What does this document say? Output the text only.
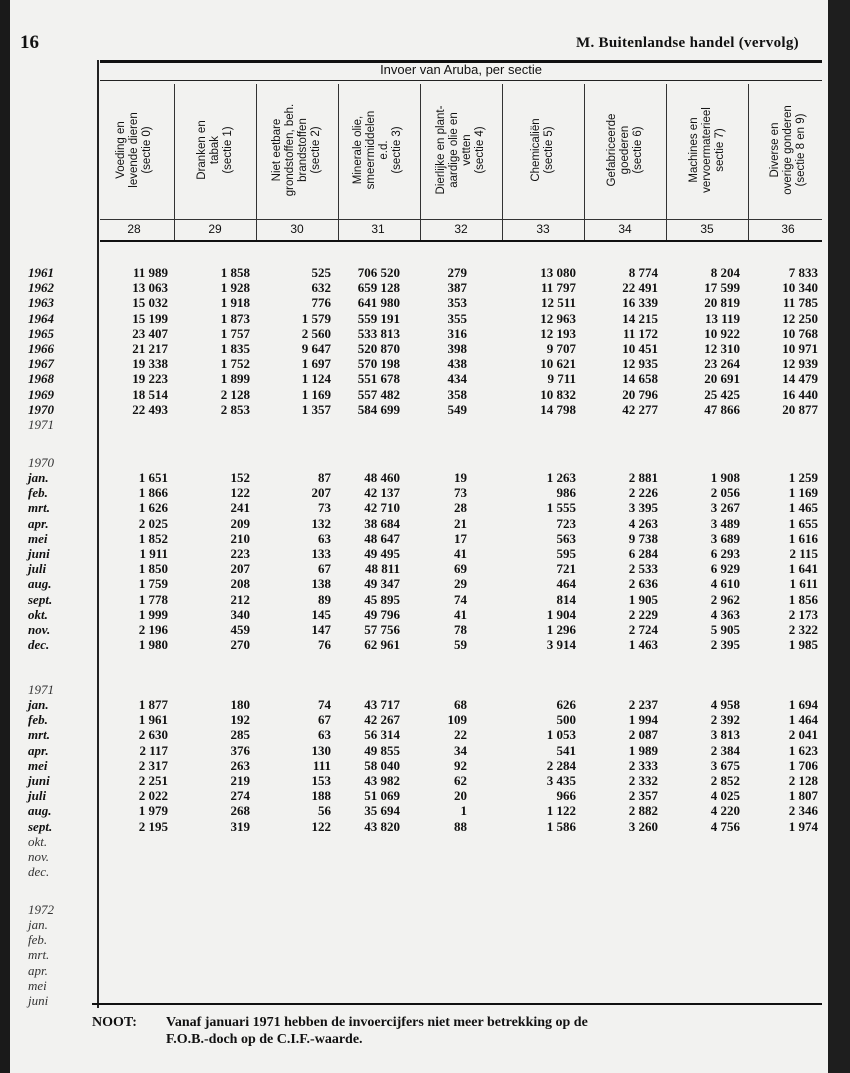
16	M. Buitenlandse handel (vervolg)
Invoer van Aruba, per sectie
Voeding en
levende dieren
(sectie 0)
28
Dranken en
tabak
(sectie 1)
29
Niet eetbare
grondstoffen, beh.
brandstoffen
(sectie 2)
30
Minerale olie,
smeermiddelen
e.d.
(sectie 3)
31
Dierlijke en plant-
aardige olie en
vetten
(sectie 4)
32
Chemicaliën
(sectie 5)
33
Gefabriceerde
goederen
(sectie 6)
34
Machines en
vervoermaterieel
sectie 7)
35
Diverse en
overige gonderen
(sectie 8 en 9)
36
1961	11 989	1 858	525	706 520	279	13 080	8 774	8 204	7 833
1962	13 063	1 928	632	659 128	387	11 797	22 491	17 599	10 340
1963	15 032	1 918	776	641 980	353	12 511	16 339	20 819	11 785
1964	15 199	1 873	1 579	559 191	355	12 963	14 215	13 119	12 250
1965	23 407	1 757	2 560	533 813	316	12 193	11 172	10 922	10 768
1966	21 217	1 835	9 647	520 870	398	9 707	10 451	12 310	10 971
1967	19 338	1 752	1 697	570 198	438	10 621	12 935	23 264	12 939
1968	19 223	1 899	1 124	551 678	434	9 711	14 658	20 691	14 479
1969	18 514	2 128	1 169	557 482	358	10 832	20 796	25 425	16 440
1970	22 493	2 853	1 357	584 699	549	14 798	42 277	47 866	20 877
1971
1970
jan.	1 651	152	87	48 460	19	1 263	2 881	1 908	1 259
feb.	1 866	122	207	42 137	73	986	2 226	2 056	1 169
mrt.	1 626	241	73	42 710	28	1 555	3 395	3 267	1 465
apr.	2 025	209	132	38 684	21	723	4 263	3 489	1 655
mei	1 852	210	63	48 647	17	563	9 738	3 689	1 616
juni	1 911	223	133	49 495	41	595	6 284	6 293	2 115
juli	1 850	207	67	48 811	69	721	2 533	6 929	1 641
aug.	1 759	208	138	49 347	29	464	2 636	4 610	1 611
sept.	1 778	212	89	45 895	74	814	1 905	2 962	1 856
okt.	1 999	340	145	49 796	41	1 904	2 229	4 363	2 173
nov.	2 196	459	147	57 756	78	1 296	2 724	5 905	2 322
dec.	1 980	270	76	62 961	59	3 914	1 463	2 395	1 985
1971
jan.	1 877	180	74	43 717	68	626	2 237	4 958	1 694
feb.	1 961	192	67	42 267	109	500	1 994	2 392	1 464
mrt.	2 630	285	63	56 314	22	1 053	2 087	3 813	2 041
apr.	2 117	376	130	49 855	34	541	1 989	2 384	1 623
mei	2 317	263	111	58 040	92	2 284	2 333	3 675	1 706
juni	2 251	219	153	43 982	62	3 435	2 332	2 852	2 128
juli	2 022	274	188	51 069	20	966	2 357	4 025	1 807
aug.	1 979	268	56	35 694	1	1 122	2 882	4 220	2 346
sept.	2 195	319	122	43 820	88	1 586	3 260	4 756	1 974
okt.
nov.
dec.
1972
jan.
feb.
mrt.
apr.
mei
juni
NOOT: Vanaf januari 1971 hebben de invoercijfers niet meer betrekking op de
F.O.B.-doch op de C.I.F.-waarde.
